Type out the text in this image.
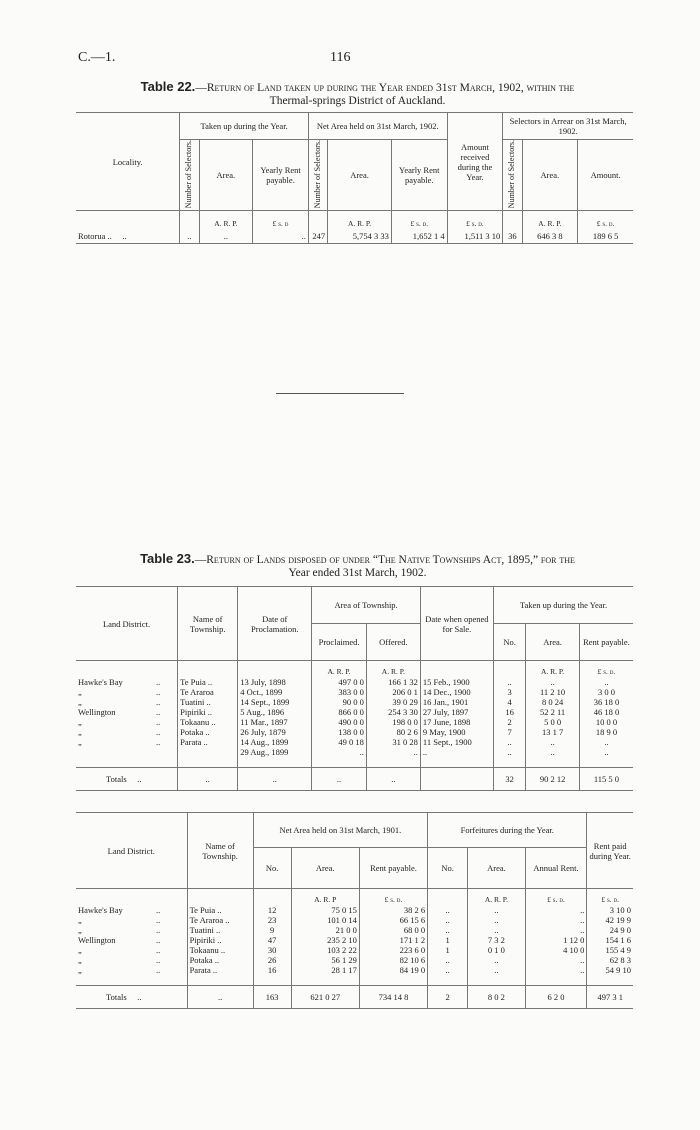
C.—1.	116
Table 22.—Return of Land taken up during the Year ended 31st March, 1902, within the
Thermal-springs District of Auckland.
Locality.	Taken up during the Year.			Net Area held on 31st March, 1902.			Amount received during the Year.	Selectors in Arrear on 31st March, 1902.		
	Number of Selectors.	Area.	Yearly Rent payable.	Number of Selectors.	Area.	Yearly Rent payable.		Number of Selectors.	Area.	Amount.
		A. R. P.	£ s. d		A. R. P.	£ s. d.	£ s. d.		A. R. P.	£ s. d.
Rotorua .. ..	..	..	..	247	5,754 3 33	1,652 1 4	1,511 3 10	36	646 3 8	189 6 5
Table 23.—Return of Lands disposed of under “The Native Townships Act, 1895,” for the
Year ended 31st March, 1902.
Land District.	Name of Township.	Date of Proclamation.	Area of Township.		Date when opened for Sale.	Taken up during the Year.		
			Proclaimed.	Offered.		No.	Area.	Rent payable.
			A. R. P.	A. R. P.			A. R. P.	£ s. d.
Hawke's Bay ..	Te Puia ..	13 July, 1898	497 0 0	166 1 32	15 Feb., 1900	..	..	..
„ ..	Te Araroa	4 Oct., 1899	383 0 0	206 0 1	14 Dec., 1900	3	11 2 10	3 0 0
„ ..	Tuatini ..	14 Sept., 1899	90 0 0	39 0 29	16 Jan., 1901	4	8 0 24	36 18 0
Wellington ..	Pipiriki ..	5 Aug., 1896	866 0 0	254 3 30	27 July, 1897	16	52 2 11	46 18 0
„ ..	Tokaanu ..	11 Mar., 1897	490 0 0	198 0 0	17 June, 1898	2	5 0 0	10 0 0
„ ..	Potaka ..	26 July, 1879	138 0 0	80 2 6	9 May, 1900	7	13 1 7	18 9 0
„ ..	Parata ..	14 Aug., 1899	49 0 18	31 0 28	11 Sept., 1900	..	..	..
		29 Aug., 1899	..	..	..	..	..	..

Totals ..	..	..	..	..		32	90 2 12	115 5 0
Land District.	Name of Township.	Net Area held on 31st March, 1901.			Forfeitures during the Year.			Rent paid during Year.
		No.	Area.	Rent payable.	No.	Area.	Annual Rent.	
			A. R. P	£ s. d.		A. R. P.	£ s. d.	£ s. d.
Hawke's Bay ..	Te Puia ..	12	75 0 15	38 2 6	..	..	..	3 10 0
„ ..	Te Araroa ..	23	101 0 14	66 15 6	..	..	..	42 19 9
„ ..	Tuatini ..	9	21 0 0	68 0 0	..	..	..	24 9 0
Wellington ..	Pipiriki ..	47	235 2 10	171 1 2	1	7 3 2	1 12 0	154 1 6
„ ..	Tokaanu ..	30	103 2 22	223 6 0	1	0 1 0	4 10 0	155 4 9
„ ..	Potaka ..	26	56 1 29	82 10 6	..	..	..	62 8 3
„ ..	Parata ..	16	28 1 17	84 19 0	..	..	..	54 9 10

Totals ..	..	163	621 0 27	734 14 8	2	8 0 2	6 2 0	497 3 1
